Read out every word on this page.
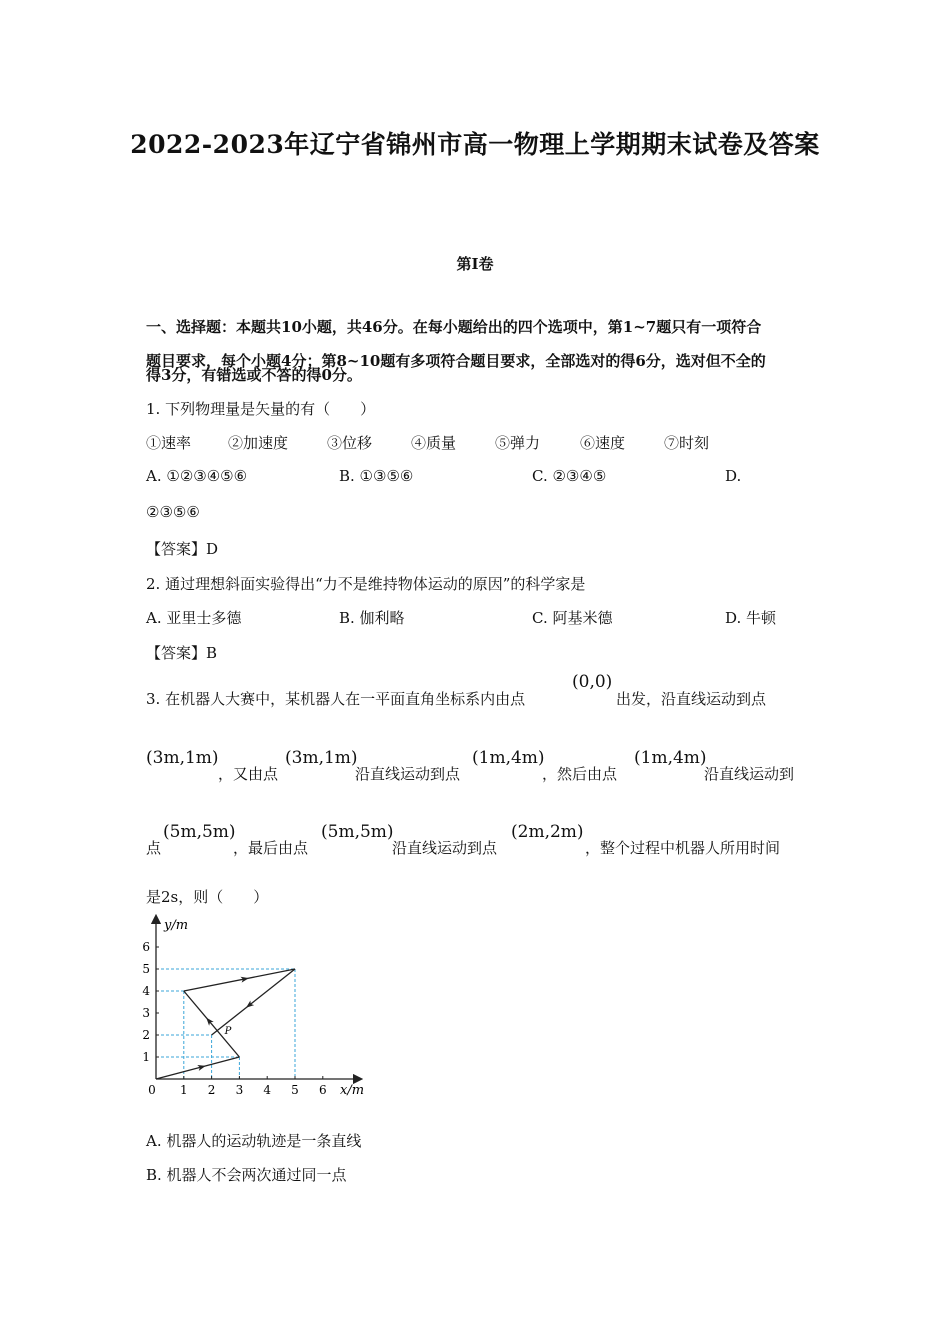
2022-2023年辽宁省锦州市高一物理上学期期末试卷及答案
第I卷
一、选择题：本题共10小题，共46分。在每小题给出的四个选项中，第1~7题只有一项符合
题目要求，每个小题4分；第8~10题有多项符合题目要求，全部选对的得6分，选对但不全的
得3分，有错选或不答的得0分。
1. 下列物理量是矢量的有（　　）
①速率 ②加速度	③位移	④质量	⑤弹力	⑥速度	⑦时刻
A. ①②③④⑤⑥	B. ①③⑤⑥	C. ②③④⑤	D.
②③⑤⑥
【答案】D
2. 通过理想斜面实验得出“力不是维持物体运动的原因”的科学家是
A. 亚里士多德	B. 伽利略	C. 阿基米德	D. 牛顿
【答案】B
3. 在机器人大赛中，某机器人在一平面直角坐标系内由点
(0,0)
出发，沿直线运动到点
(3m,1m)
，又由点
(3m,1m)
沿直线运动到点
(1m,4m)
，然后由点
(1m,4m)
沿直线运动到
点
(5m,5m)
，最后由点
(5m,5m)
沿直线运动到点
(2m,2m)
，整个过程中机器人所用时间
是2s，则（　　）
0 1 2 3 4 5 6
1
2
3
4
5
6
x/m
y/m
P
A. 机器人的运动轨迹是一条直线
B. 机器人不会两次通过同一点
